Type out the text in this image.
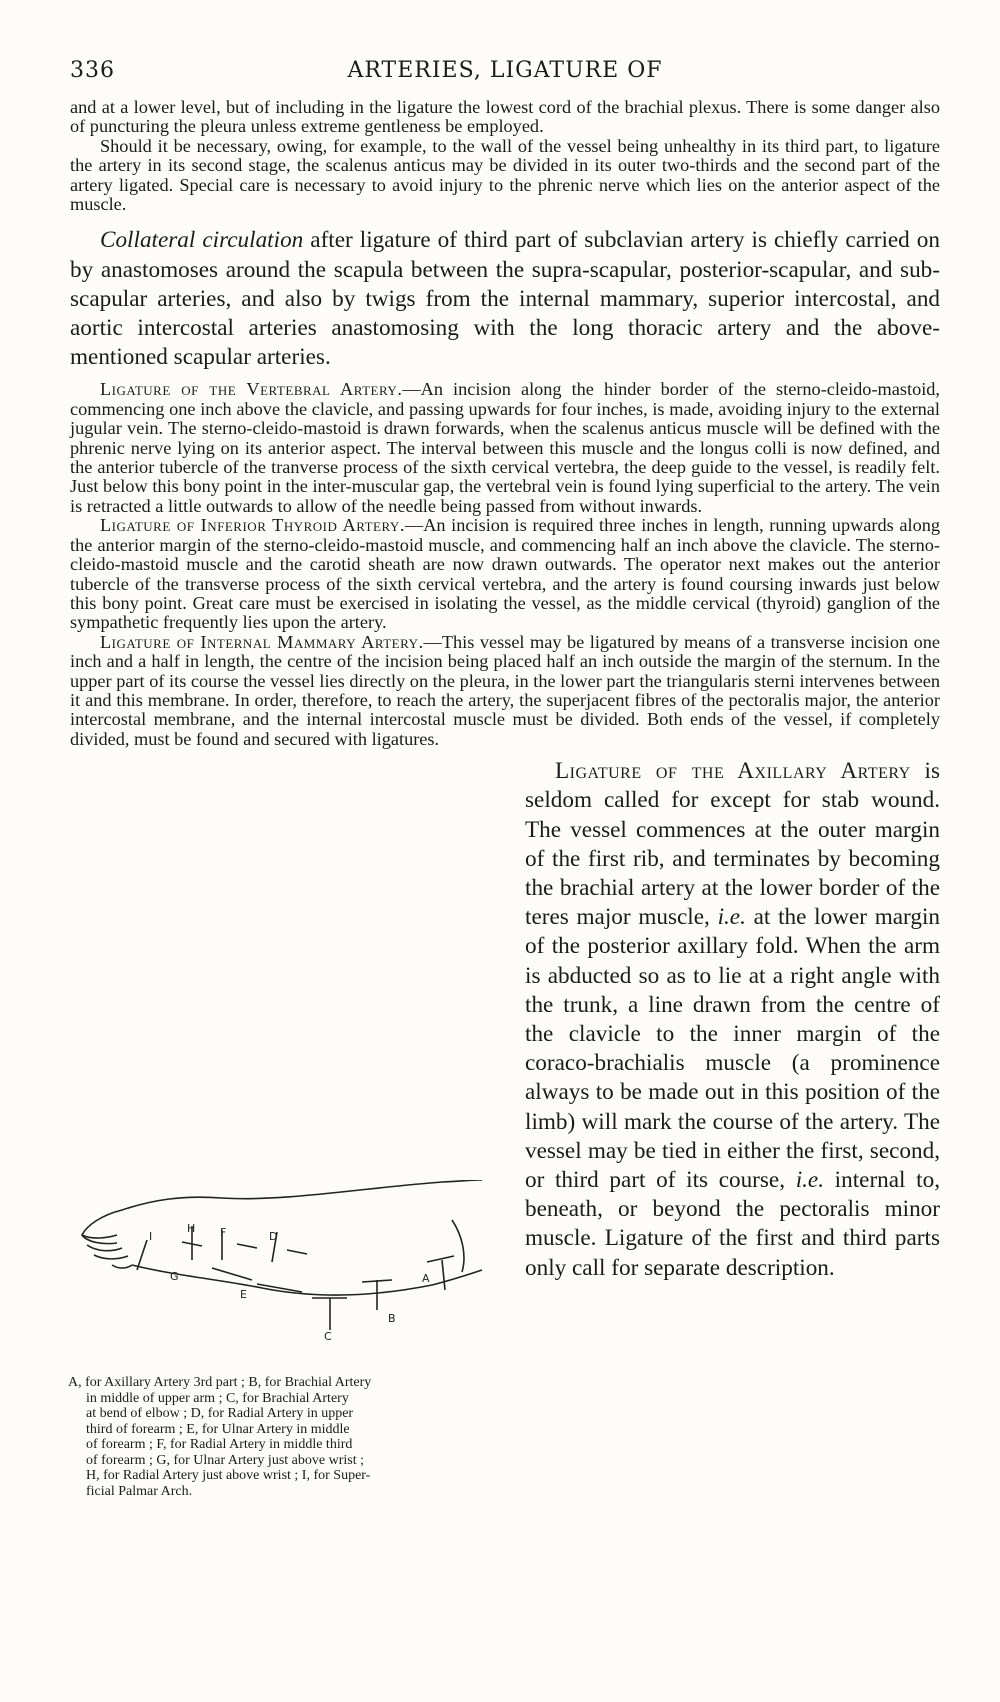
336	ARTERIES, LIGATURE OF

and at a lower level, but of including in the ligature the lowest cord of the brachial plexus. There is some danger also of puncturing the pleura unless extreme gentleness be employed.

Should it be necessary, owing, for example, to the wall of the vessel being unhealthy in its third part, to ligature the artery in its second stage, the scalenus anticus may be divided in its outer two-thirds and the second part of the artery ligated. Special care is necessary to avoid injury to the phrenic nerve which lies on the anterior aspect of the muscle.

Collateral circulation after ligature of third part of subclavian artery is chiefly carried on by anastomoses around the scapula between the supra-scapular, posterior-scapular, and sub-scapular arteries, and also by twigs from the internal mammary, superior intercostal, and aortic intercostal arteries anastomosing with the long thoracic artery and the above-mentioned scapular arteries.

Ligature of the Vertebral Artery.—An incision along the hinder border of the sterno-cleido-mastoid, commencing one inch above the clavicle, and passing upwards for four inches, is made, avoiding injury to the external jugular vein. The sterno-cleido-mastoid is drawn forwards, when the scalenus anticus muscle will be defined with the phrenic nerve lying on its anterior aspect. The interval between this muscle and the longus colli is now defined, and the anterior tubercle of the tranverse process of the sixth cervical vertebra, the deep guide to the vessel, is readily felt. Just below this bony point in the inter-muscular gap, the vertebral vein is found lying superficial to the artery. The vein is retracted a little outwards to allow of the needle being passed from without inwards.

Ligature of Inferior Thyroid Artery.—An incision is required three inches in length, running upwards along the anterior margin of the sterno-cleido-mastoid muscle, and commencing half an inch above the clavicle. The sterno-cleido-mastoid muscle and the carotid sheath are now drawn outwards. The operator next makes out the anterior tubercle of the transverse process of the sixth cervical vertebra, and the artery is found coursing inwards just below this bony point. Great care must be exercised in isolating the vessel, as the middle cervical (thyroid) ganglion of the sympathetic frequently lies upon the artery.

Ligature of Internal Mammary Artery.—This vessel may be ligatured by means of a transverse incision one inch and a half in length, the centre of the incision being placed half an inch outside the margin of the sternum. In the upper part of its course the vessel lies directly on the pleura, in the lower part the triangularis sterni intervenes between it and this membrane. In order, therefore, to reach the artery, the superjacent fibres of the pectoralis major, the anterior intercostal membrane, and the internal intercostal muscle must be divided. Both ends of the vessel, if completely divided, must be found and secured with ligatures.

Ligature of the Axillary Artery is seldom called for except for stab wound. The vessel commences at the outer margin of the first rib, and terminates by becoming the brachial artery at the lower border of the teres major muscle, i.e. at the lower margin of the posterior axillary fold. When the arm is abducted so as to lie at a right angle with the trunk, a line drawn from the centre of the clavicle to the inner margin of the coraco-brachialis muscle (a prominence always to be made out in this position of the limb) will mark the course of the artery. The vessel may be tied in either the first, second, or third part of its course, i.e. internal to, beneath, or beyond the pectoralis minor muscle. Ligature of the first and third parts only call for separate description.

H F	D
I
G
E
A
B
C
A, for Axillary Artery 3rd part ; B, for Brachial Artery
in middle of upper arm ; C, for Brachial Artery
at bend of elbow ; D, for Radial Artery in upper
third of forearm ; E, for Ulnar Artery in middle
of forearm ; F, for Radial Artery in middle third
of forearm ; G, for Ulnar Artery just above wrist ;
H, for Radial Artery just above wrist ; I, for Super-
ficial Palmar Arch.
